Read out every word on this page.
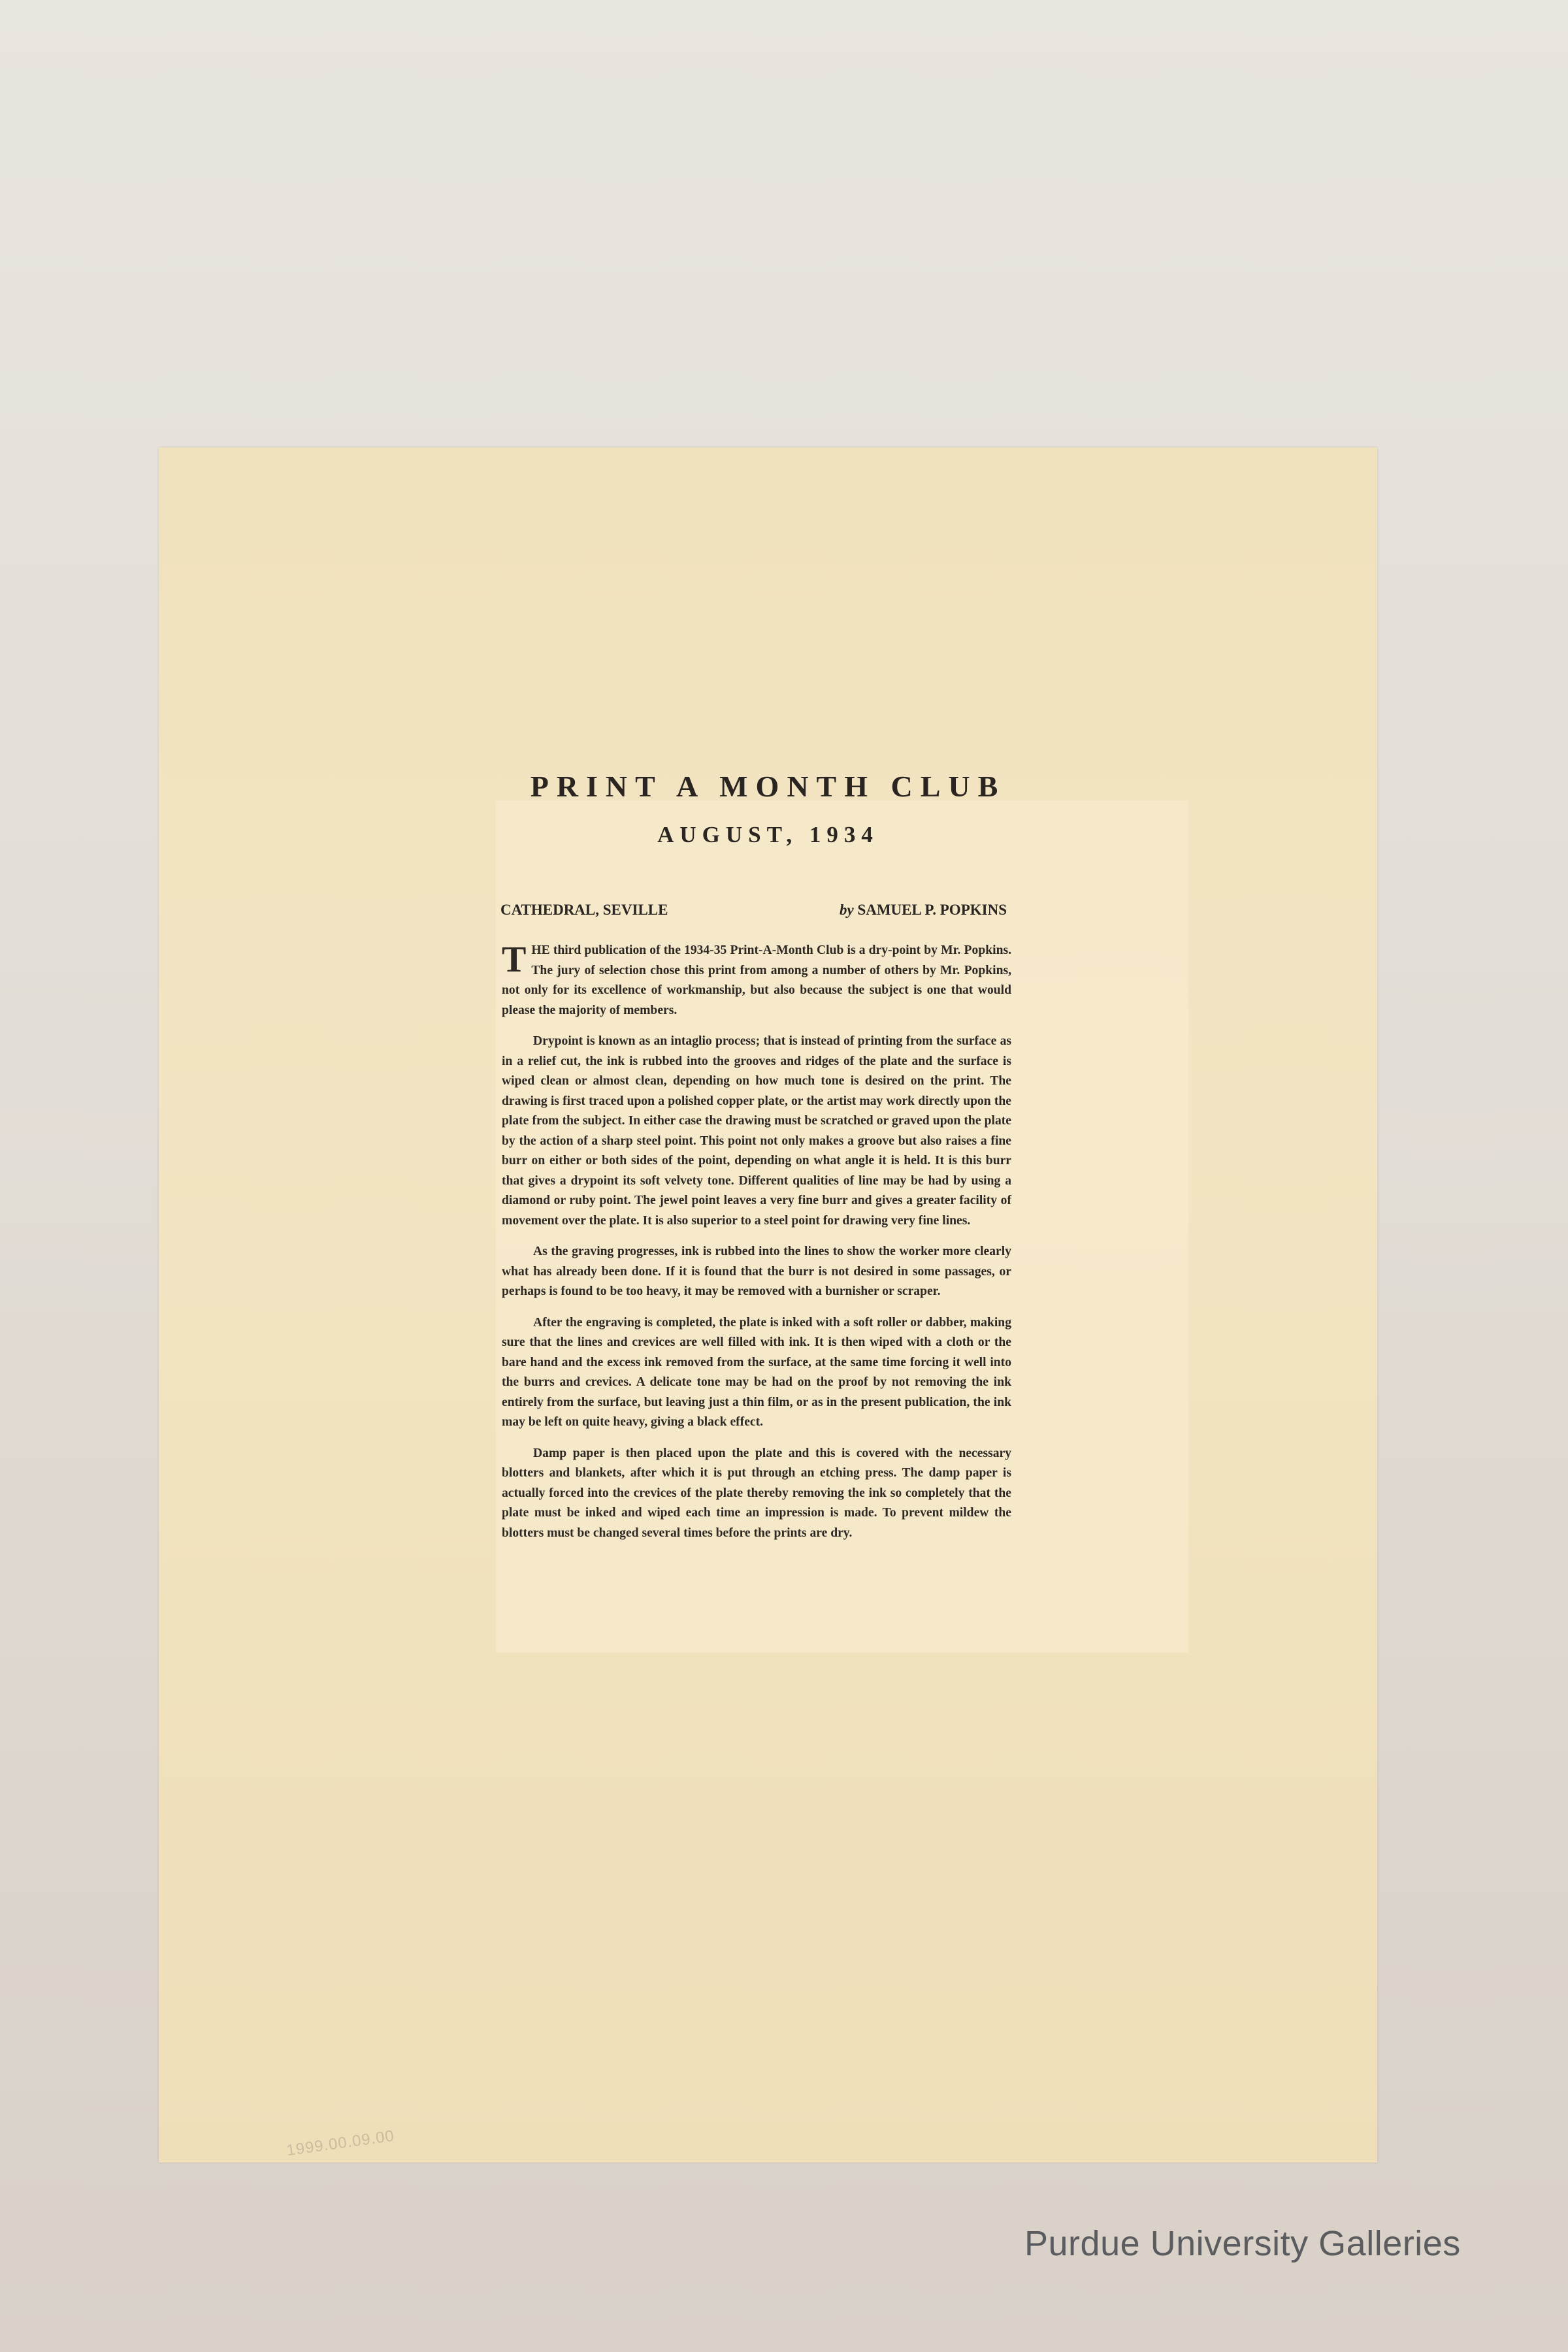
PRINT A MONTH CLUB
AUGUST, 1934
CATHEDRAL, SEVILLE	by SAMUEL P. POPKINS

THE third publication of the 1934-35 Print-A-Month Club is a dry-point by Mr. Popkins. The jury of selection chose this print from among a number of others by Mr. Popkins, not only for its excellence of workmanship, but also because the subject is one that would please the majority of members.

Drypoint is known as an intaglio process; that is instead of printing from the surface as in a relief cut, the ink is rubbed into the grooves and ridges of the plate and the surface is wiped clean or almost clean, depending on how much tone is desired on the print. The drawing is first traced upon a polished copper plate, or the artist may work directly upon the plate from the subject. In either case the drawing must be scratched or graved upon the plate by the action of a sharp steel point. This point not only makes a groove but also raises a fine burr on either or both sides of the point, depending on what angle it is held. It is this burr that gives a drypoint its soft velvety tone. Different qualities of line may be had by using a diamond or ruby point. The jewel point leaves a very fine burr and gives a greater facility of movement over the plate. It is also superior to a steel point for drawing very fine lines.

As the graving progresses, ink is rubbed into the lines to show the worker more clearly what has already been done. If it is found that the burr is not desired in some passages, or perhaps is found to be too heavy, it may be removed with a burnisher or scraper.

After the engraving is completed, the plate is inked with a soft roller or dabber, making sure that the lines and crevices are well filled with ink. It is then wiped with a cloth or the bare hand and the excess ink removed from the surface, at the same time forcing it well into the burrs and crevices. A delicate tone may be had on the proof by not removing the ink entirely from the surface, but leaving just a thin film, or as in the present publication, the ink may be left on quite heavy, giving a black effect.

Damp paper is then placed upon the plate and this is covered with the necessary blotters and blankets, after which it is put through an etching press. The damp paper is actually forced into the crevices of the plate thereby removing the ink so completely that the plate must be inked and wiped each time an impression is made. To prevent mildew the blotters must be changed several times before the prints are dry.

1999.00.09.00
Purdue University Galleries
